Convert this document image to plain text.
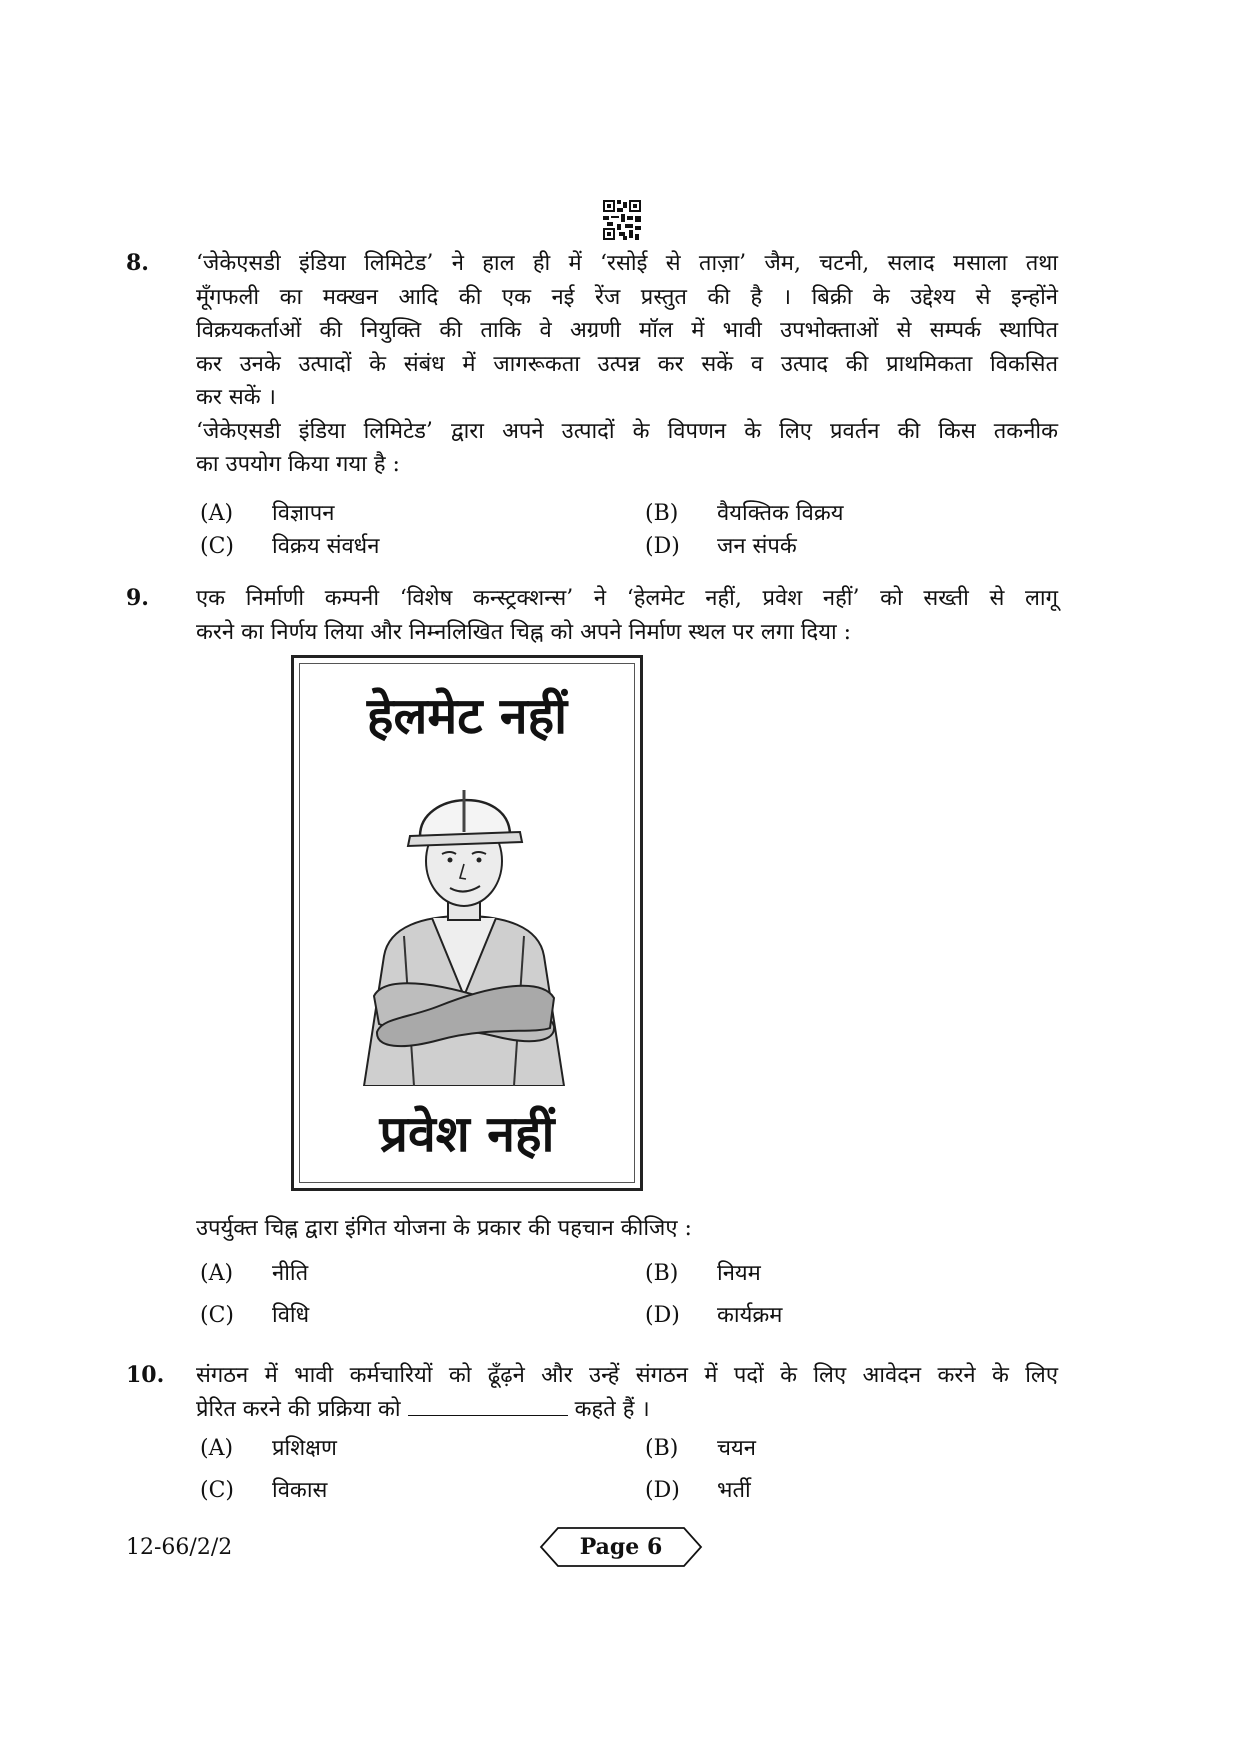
8. ‘जेकेएसडी इंडिया लिमिटेड’ ने हाल ही में ‘रसोई से ताज़ा’ जैम, चटनी, सलाद मसाला तथा
मूँगफली का मक्खन आदि की एक नई रेंज प्रस्तुत की है । बिक्री के उद्देश्य से इन्होंने
विक्रयकर्ताओं की नियुक्ति की ताकि वे अग्रणी मॉल में भावी उपभोक्ताओं से सम्पर्क स्थापित
कर उनके उत्पादों के संबंध में जागरूकता उत्पन्न कर सकें व उत्पाद की प्राथमिकता विकसित
कर सकें ।
‘जेकेएसडी इंडिया लिमिटेड’ द्वारा अपने उत्पादों के विपणन के लिए प्रवर्तन की किस तकनीक
का उपयोग किया गया है :
(A) विज्ञापन	(B) वैयक्तिक विक्रय
(C) विक्रय संवर्धन	(D) जन संपर्क
9. एक निर्माणी कम्पनी ‘विशेष कन्स्ट्रक्शन्स’ ने ‘हेलमेट नहीं, प्रवेश नहीं’ को सख्ती से लागू
करने का निर्णय लिया और निम्नलिखित चिह्न को अपने निर्माण स्थल पर लगा दिया :
हेलमेट नहीं
प्रवेश नहीं
उपर्युक्त चिह्न द्वारा इंगित योजना के प्रकार की पहचान कीजिए :
(A) नीति	(B) नियम
(C) विधि	(D) कार्यक्रम
10. संगठन में भावी कर्मचारियों को ढूँढ़ने और उन्हें संगठन में पदों के लिए आवेदन करने के लिए
प्रेरित करने की प्रक्रिया को	कहते हैं ।
(A) प्रशिक्षण	(B) चयन
(C) विकास	(D) भर्ती
12-66/2/2	Page 6
